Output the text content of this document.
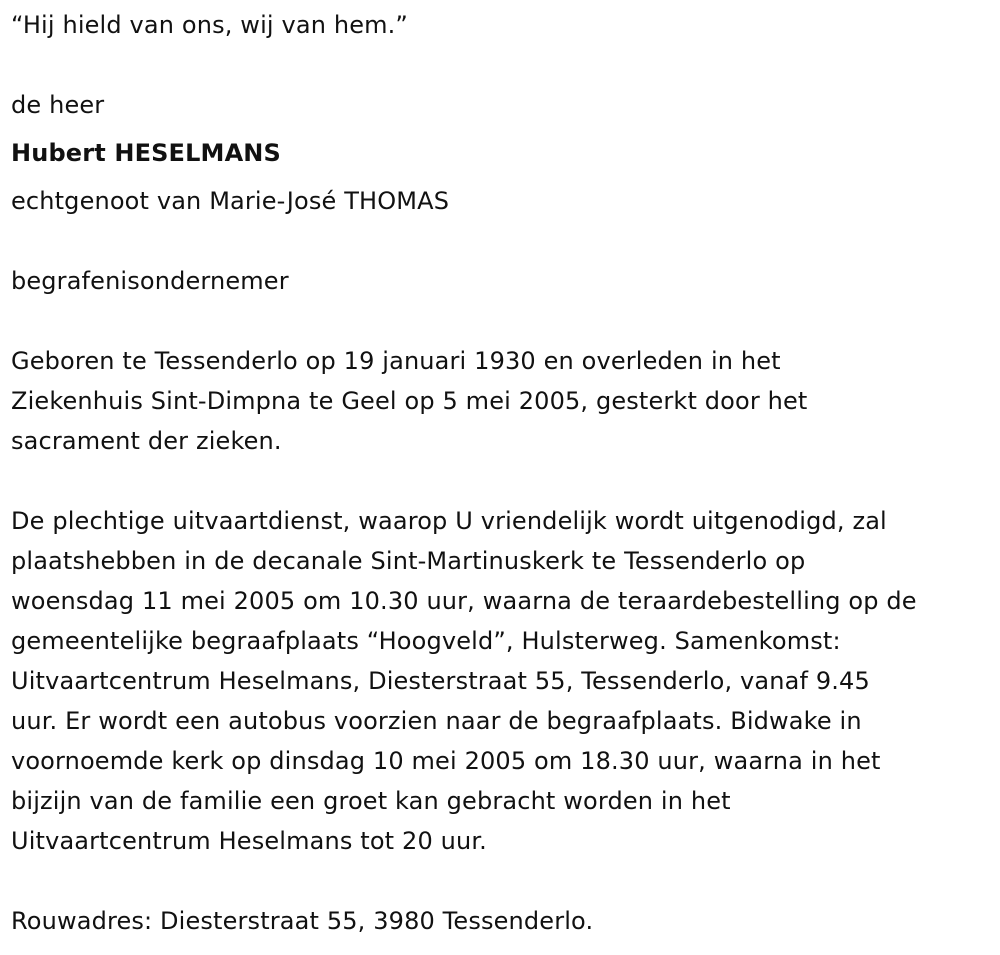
“Hij hield van ons, wij van hem.”
de heer
Hubert HESELMANS
echtgenoot van Marie-José THOMAS
begrafenisondernemer
Geboren te Tessenderlo op 19 januari 1930 en overleden in het
Ziekenhuis Sint-Dimpna te Geel op 5 mei 2005, gesterkt door het
sacrament der zieken.
De plechtige uitvaartdienst, waarop U vriendelijk wordt uitgenodigd, zal
plaatshebben in de decanale Sint-Martinuskerk te Tessenderlo op
woensdag 11 mei 2005 om 10.30 uur, waarna de teraardebestelling op de
gemeentelijke begraafplaats “Hoogveld”, Hulsterweg. Samenkomst:
Uitvaartcentrum Heselmans, Diesterstraat 55, Tessenderlo, vanaf 9.45
uur. Er wordt een autobus voorzien naar de begraafplaats. Bidwake in
voornoemde kerk op dinsdag 10 mei 2005 om 18.30 uur, waarna in het
bijzijn van de familie een groet kan gebracht worden in het
Uitvaartcentrum Heselmans tot 20 uur.
Rouwadres: Diesterstraat 55, 3980 Tessenderlo.
